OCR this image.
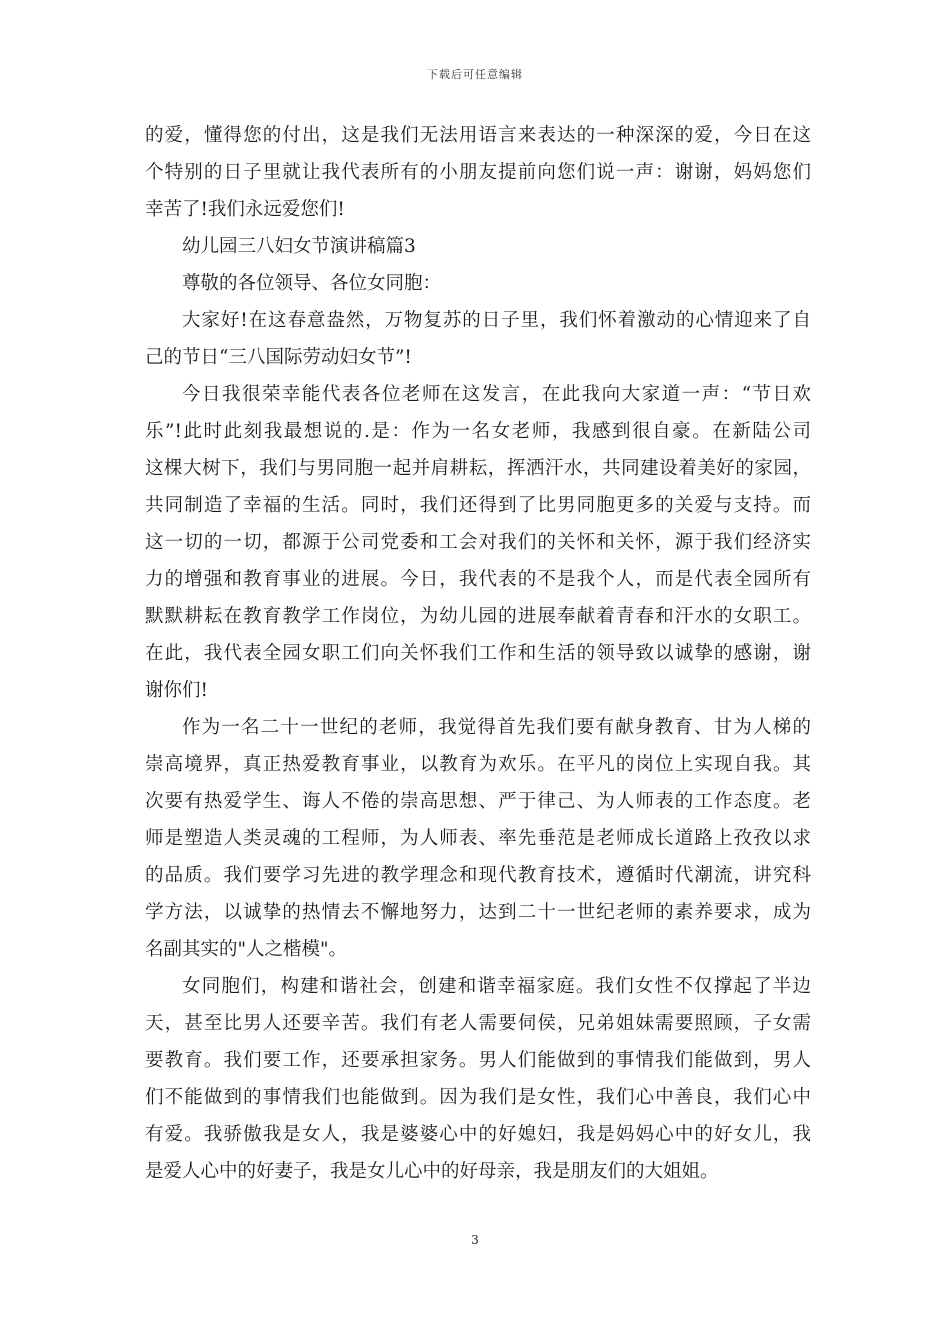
下载后可任意编辑
的爱，懂得您的付出，这是我们无法用语言来表达的一种深深的爱，今日在这
个特别的日子里就让我代表所有的小朋友提前向您们说一声：谢谢，妈妈您们
幸苦了!我们永远爱您们!
幼儿园三八妇女节演讲稿篇3
尊敬的各位领导、各位女同胞：
大家好!在这春意盎然，万物复苏的日子里，我们怀着激动的心情迎来了自
己的节日“三八国际劳动妇女节”!
今日我很荣幸能代表各位老师在这发言，在此我向大家道一声：“节日欢
乐”!此时此刻我最想说的.是：作为一名女老师，我感到很自豪。在新陆公司
这棵大树下，我们与男同胞一起并肩耕耘，挥洒汗水，共同建设着美好的家园，
共同制造了幸福的生活。同时，我们还得到了比男同胞更多的关爱与支持。而
这一切的一切，都源于公司党委和工会对我们的关怀和关怀，源于我们经济实
力的增强和教育事业的进展。今日，我代表的不是我个人，而是代表全园所有
默默耕耘在教育教学工作岗位，为幼儿园的进展奉献着青春和汗水的女职工。
在此，我代表全园女职工们向关怀我们工作和生活的领导致以诚挚的感谢，谢
谢你们!
作为一名二十一世纪的老师，我觉得首先我们要有献身教育、甘为人梯的
崇高境界，真正热爱教育事业，以教育为欢乐。在平凡的岗位上实现自我。其
次要有热爱学生、诲人不倦的崇高思想、严于律己、为人师表的工作态度。老
师是塑造人类灵魂的工程师，为人师表、率先垂范是老师成长道路上孜孜以求
的品质。我们要学习先进的教学理念和现代教育技术，遵循时代潮流，讲究科
学方法，以诚挚的热情去不懈地努力，达到二十一世纪老师的素养要求，成为
名副其实的"人之楷模"。
女同胞们，构建和谐社会，创建和谐幸福家庭。我们女性不仅撑起了半边
天，甚至比男人还要辛苦。我们有老人需要伺侯，兄弟姐妹需要照顾，子女需
要教育。我们要工作，还要承担家务。男人们能做到的事情我们能做到，男人
们不能做到的事情我们也能做到。因为我们是女性，我们心中善良，我们心中
有爱。我骄傲我是女人，我是婆婆心中的好媳妇，我是妈妈心中的好女儿，我
是爱人心中的好妻子，我是女儿心中的好母亲，我是朋友们的大姐姐。
3
